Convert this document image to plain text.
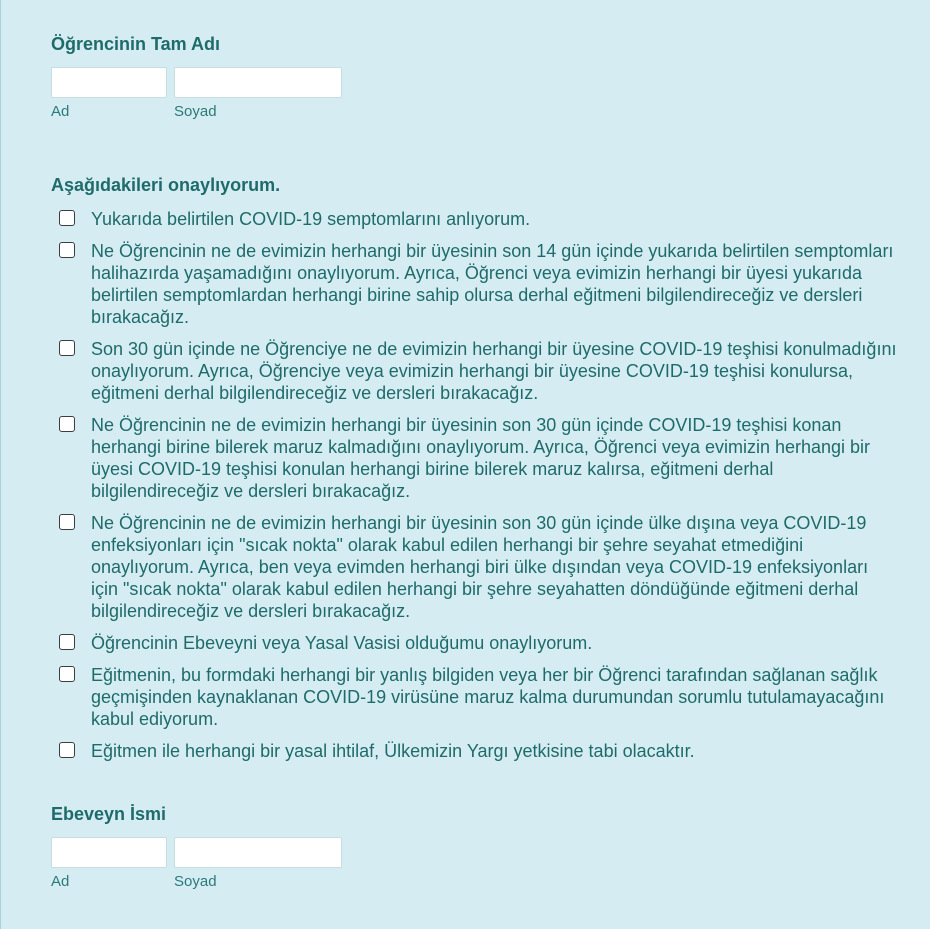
Öğrencinin Tam Adı
Ad	Soyad
Aşağıdakileri onaylıyorum.
Yukarıda belirtilen COVID-19 semptomlarını anlıyorum.
Ne Öğrencinin ne de evimizin herhangi bir üyesinin son 14 gün içinde yukarıda belirtilen semptomları halihazırda yaşamadığını onaylıyorum. Ayrıca, Öğrenci veya evimizin herhangi bir üyesi yukarıda belirtilen semptomlardan herhangi birine sahip olursa derhal eğitmeni bilgilendireceğiz ve dersleri bırakacağız.
Son 30 gün içinde ne Öğrenciye ne de evimizin herhangi bir üyesine COVID-19 teşhisi konulmadığını onaylıyorum. Ayrıca, Öğrenciye veya evimizin herhangi bir üyesine COVID-19 teşhisi konulursa, eğitmeni derhal bilgilendireceğiz ve dersleri bırakacağız.
Ne Öğrencinin ne de evimizin herhangi bir üyesinin son 30 gün içinde COVID-19 teşhisi konan herhangi birine bilerek maruz kalmadığını onaylıyorum. Ayrıca, Öğrenci veya evimizin herhangi bir üyesi COVID-19 teşhisi konulan herhangi birine bilerek maruz kalırsa, eğitmeni derhal bilgilendireceğiz ve dersleri bırakacağız.
Ne Öğrencinin ne de evimizin herhangi bir üyesinin son 30 gün içinde ülke dışına veya COVID-19 enfeksiyonları için "sıcak nokta" olarak kabul edilen herhangi bir şehre seyahat etmediğini onaylıyorum. Ayrıca, ben veya evimden herhangi biri ülke dışından veya COVID-19 enfeksiyonları için "sıcak nokta" olarak kabul edilen herhangi bir şehre seyahatten döndüğünde eğitmeni derhal bilgilendireceğiz ve dersleri bırakacağız.
Öğrencinin Ebeveyni veya Yasal Vasisi olduğumu onaylıyorum.
Eğitmenin, bu formdaki herhangi bir yanlış bilgiden veya her bir Öğrenci tarafından sağlanan sağlık geçmişinden kaynaklanan COVID-19 virüsüne maruz kalma durumundan sorumlu tutulamayacağını kabul ediyorum.
Eğitmen ile herhangi bir yasal ihtilaf, Ülkemizin Yargı yetkisine tabi olacaktır.
Ebeveyn İsmi
Ad	Soyad
